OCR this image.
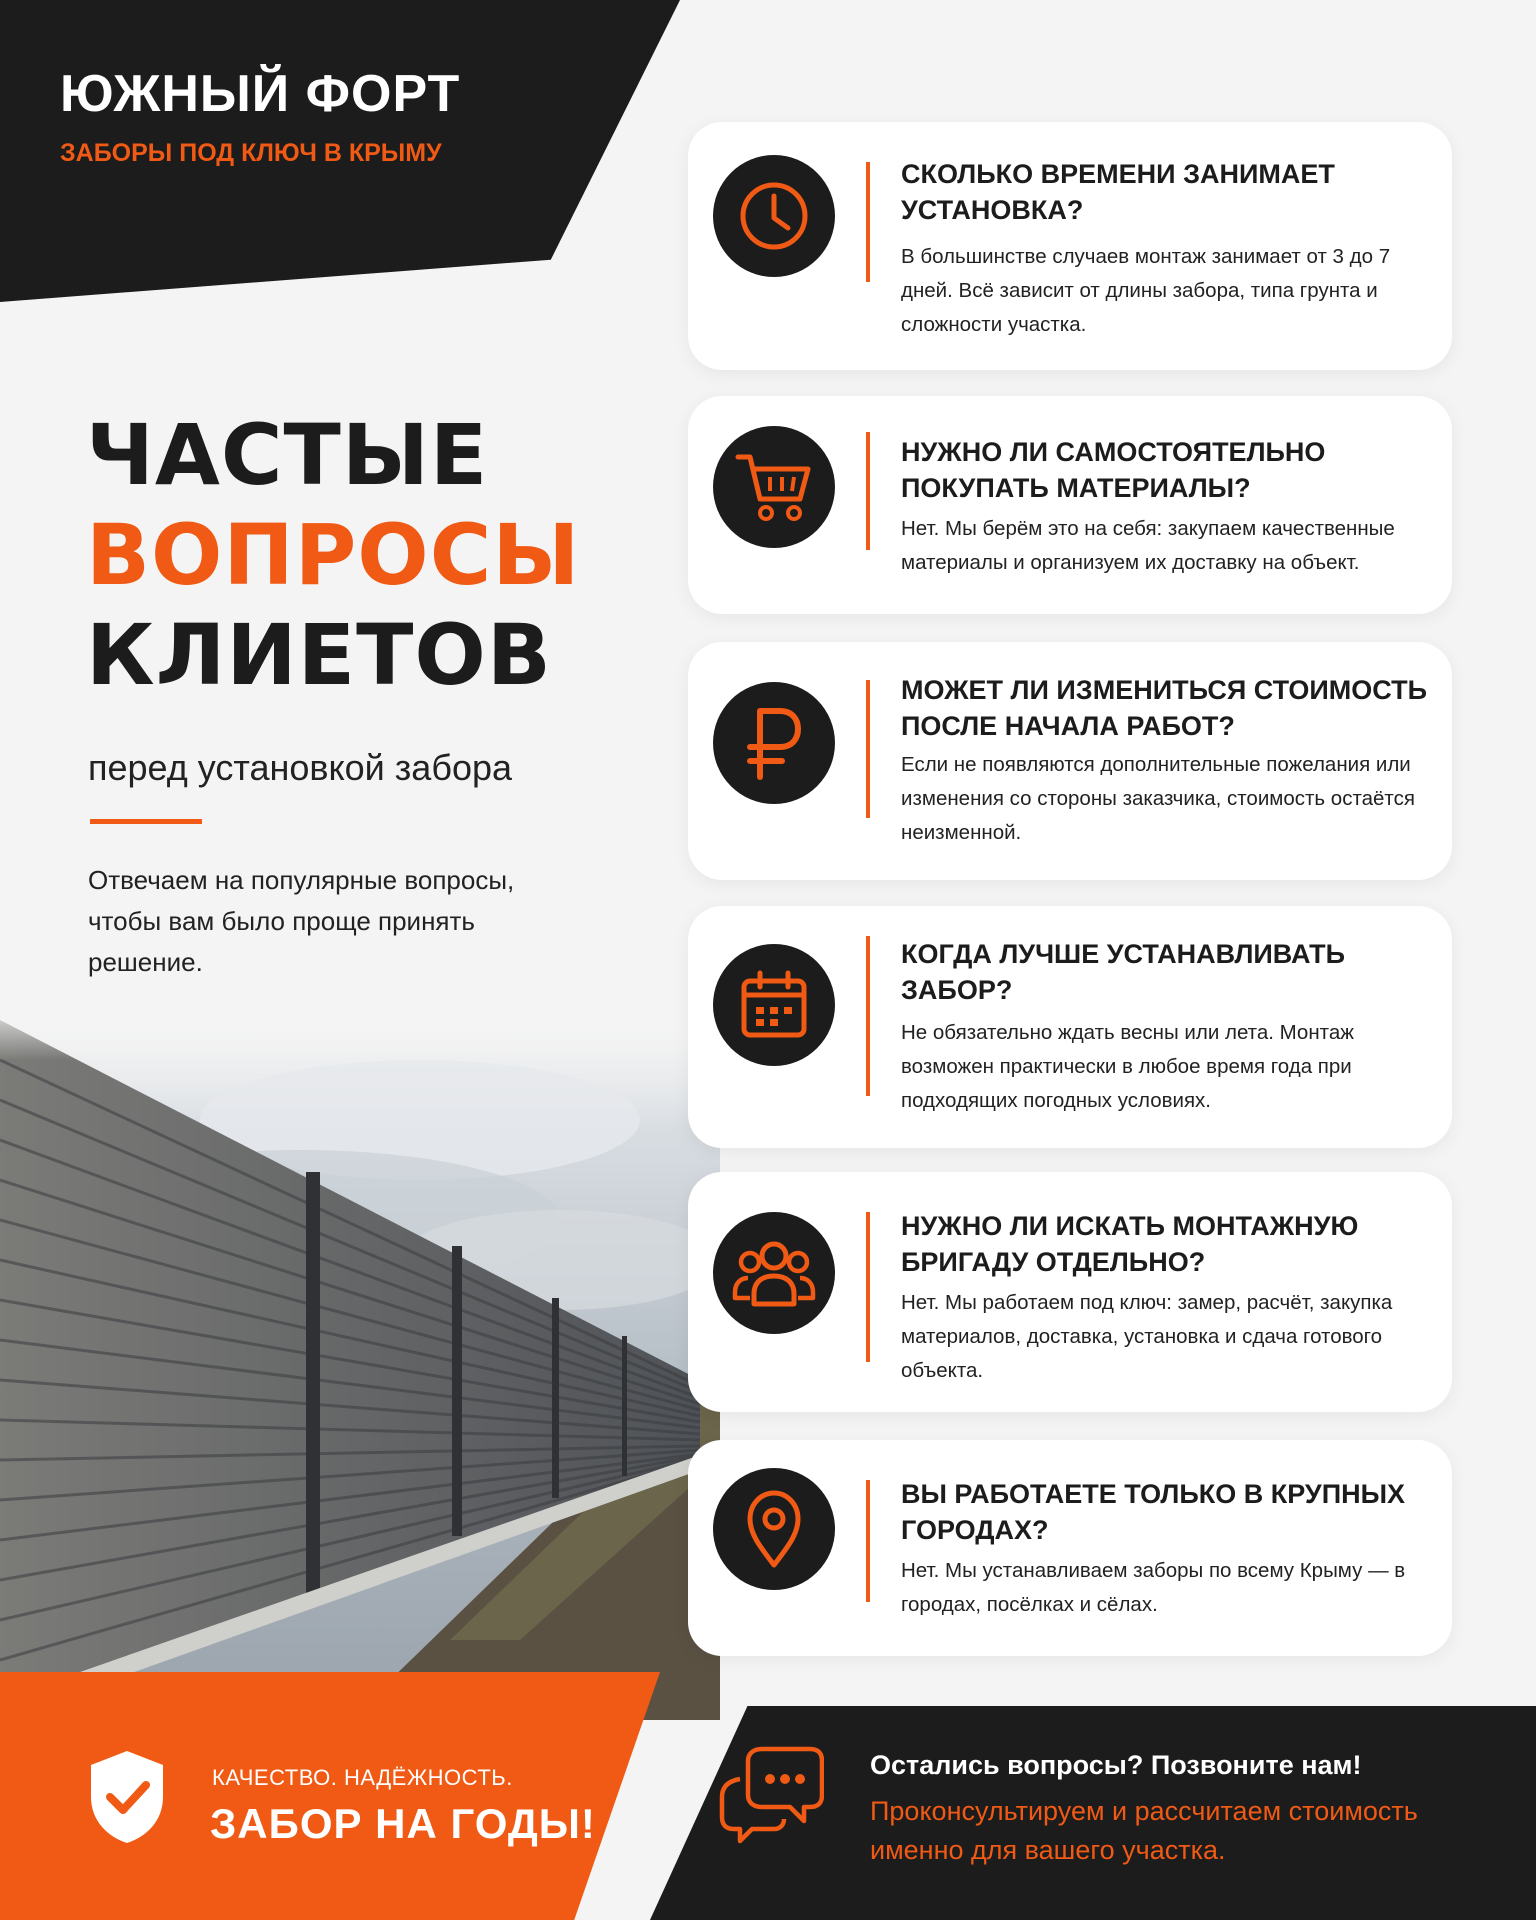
ЮЖНЫЙ ФОРТ
ЗАБОРЫ ПОД КЛЮЧ В КРЫМУ
ЧАСТЫЕ
ВОПРОСЫ
КЛИЕТОВ
перед установкой забора
Отвечаем на популярные вопросы, чтобы вам было проще принять решение.
КАЧЕСТВО. НАДЁЖНОСТЬ.
ЗАБОР НА ГОДЫ!
Остались вопросы? Позвоните нам!
Проконсультируем и рассчитаем стоимость именно для вашего участка.
СКОЛЬКО ВРЕМЕНИ ЗАНИМАЕТ УСТАНОВКА?
В большинстве случаев монтаж занимает от 3 до 7 дней. Всё зависит от длины забора, типа грунта и сложности участка.
НУЖНО ЛИ САМОСТОЯТЕЛЬНО ПОКУПАТЬ МАТЕРИАЛЫ?
Нет. Мы берём это на себя: закупаем качественные материалы и организуем их доставку на объект.
МОЖЕТ ЛИ ИЗМЕНИТЬСЯ СТОИМОСТЬ ПОСЛЕ НАЧАЛА РАБОТ?
Если не появляются дополнительные пожелания или изменения со стороны заказчика, стоимость остаётся неизменной.
КОГДА ЛУЧШЕ УСТАНАВЛИВАТЬ ЗАБОР?
Не обязательно ждать весны или лета. Монтаж возможен практически в любое время года при подходящих погодных условиях.
НУЖНО ЛИ ИСКАТЬ МОНТАЖНУЮ БРИГАДУ ОТДЕЛЬНО?
Нет. Мы работаем под ключ: замер, расчёт, закупка материалов, доставка, установка и сдача готового объекта.
ВЫ РАБОТАЕТЕ ТОЛЬКО В КРУПНЫХ ГОРОДАХ?
Нет. Мы устанавливаем заборы по всему Крыму — в городах, посёлках и сёлах.
